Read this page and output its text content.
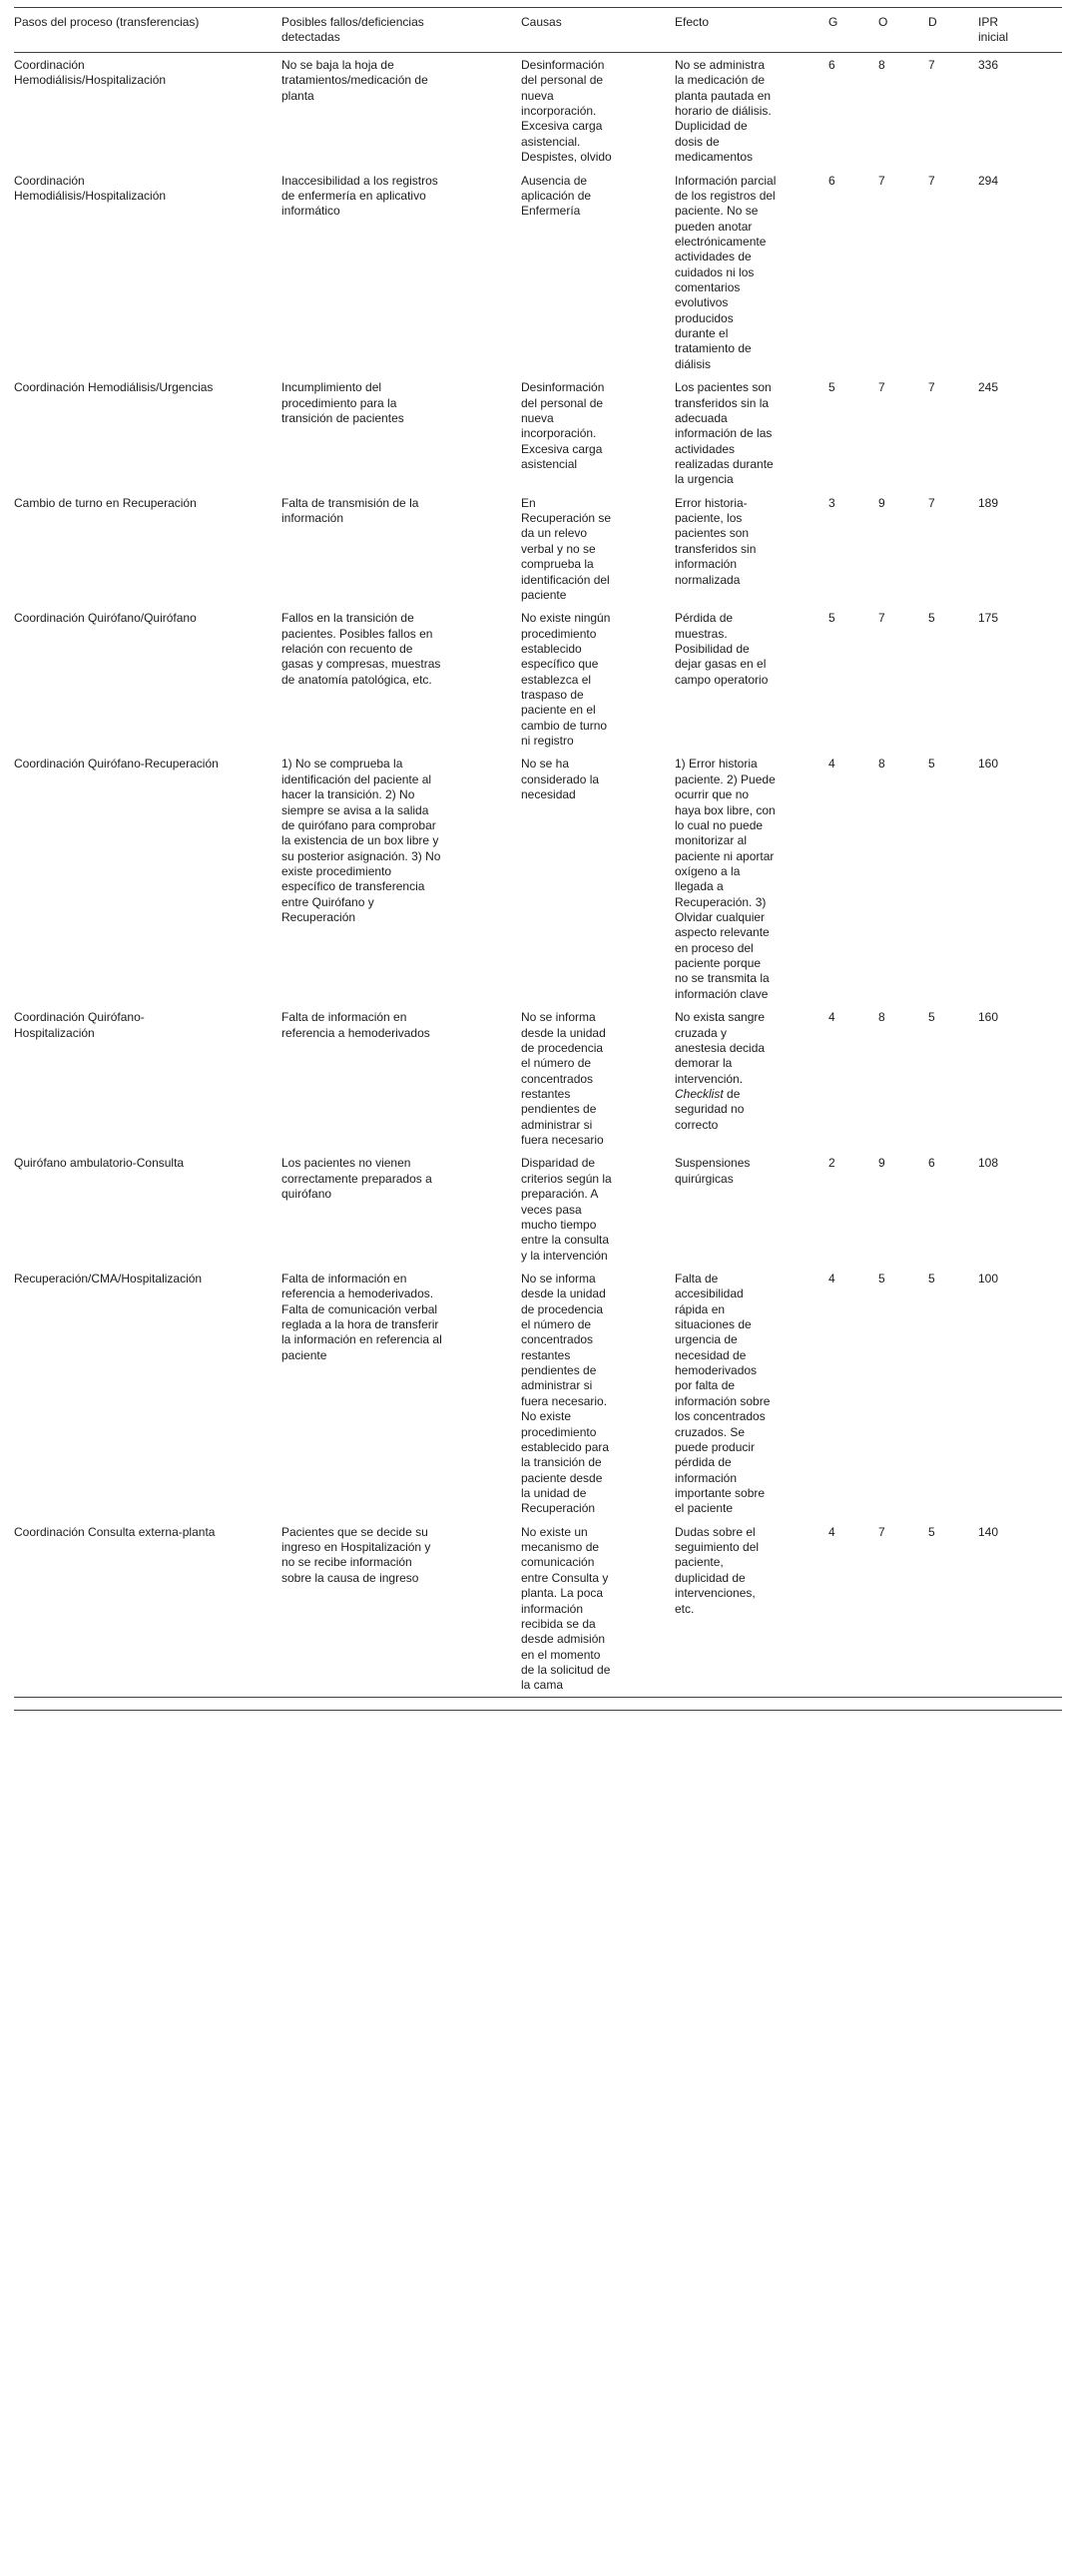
Pasos del proceso (transferencias)	Posibles fallos/deficiencias detectadas	Causas	Efecto	G	O	D	IPR inicial
Coordinación Hemodiálisis/Hospitalización	No se baja la hoja de tratamientos/medicación de planta	Desinformación del personal de nueva incorporación. Excesiva carga asistencial. Despistes, olvido	No se administra la medicación de planta pautada en horario de diálisis. Duplicidad de dosis de medicamentos	6	8	7	336
Coordinación Hemodiálisis/Hospitalización	Inaccesibilidad a los registros de enfermería en aplicativo informático	Ausencia de aplicación de Enfermería	Información parcial de los registros del paciente. No se pueden anotar electrónicamente actividades de cuidados ni los comentarios evolutivos producidos durante el tratamiento de diálisis	6	7	7	294
Coordinación Hemodiálisis/Urgencias	Incumplimiento del procedimiento para la transición de pacientes	Desinformación del personal de nueva incorporación. Excesiva carga asistencial	Los pacientes son transferidos sin la adecuada información de las actividades realizadas durante la urgencia	5	7	7	245
Cambio de turno en Recuperación	Falta de transmisión de la información	En Recuperación se da un relevo verbal y no se comprueba la identificación del paciente	Error historia-paciente, los pacientes son transferidos sin información normalizada	3	9	7	189
Coordinación Quirófano/Quirófano	Fallos en la transición de pacientes. Posibles fallos en relación con recuento de gasas y compresas, muestras de anatomía patológica, etc.	No existe ningún procedimiento establecido específico que establezca el traspaso de paciente en el cambio de turno ni registro	Pérdida de muestras. Posibilidad de dejar gasas en el campo operatorio	5	7	5	175
Coordinación Quirófano-Recuperación	1) No se comprueba la identificación del paciente al hacer la transición. 2) No siempre se avisa a la salida de quirófano para comprobar la existencia de un box libre y su posterior asignación. 3) No existe procedimiento específico de transferencia entre Quirófano y Recuperación	No se ha considerado la necesidad	1) Error historia paciente. 2) Puede ocurrir que no haya box libre, con lo cual no puede monitorizar al paciente ni aportar oxígeno a la llegada a Recuperación. 3) Olvidar cualquier aspecto relevante en proceso del paciente porque no se transmita la información clave	4	8	5	160
Coordinación Quirófano-Hospitalización	Falta de información en referencia a hemoderivados	No se informa desde la unidad de procedencia el número de concentrados restantes pendientes de administrar si fuera necesario	No exista sangre cruzada y anestesia decida demorar la intervención. Checklist de seguridad no correcto	4	8	5	160
Quirófano ambulatorio-Consulta	Los pacientes no vienen correctamente preparados a quirófano	Disparidad de criterios según la preparación. A veces pasa mucho tiempo entre la consulta y la intervención	Suspensiones quirúrgicas	2	9	6	108
Recuperación/CMA/Hospitalización	Falta de información en referencia a hemoderivados. Falta de comunicación verbal reglada a la hora de transferir la información en referencia al paciente	No se informa desde la unidad de procedencia el número de concentrados restantes pendientes de administrar si fuera necesario. No existe procedimiento establecido para la transición de paciente desde la unidad de Recuperación	Falta de accesibilidad rápida en situaciones de urgencia de necesidad de hemoderivados por falta de información sobre los concentrados cruzados. Se puede producir pérdida de información importante sobre el paciente	4	5	5	100
Coordinación Consulta externa-planta	Pacientes que se decide su ingreso en Hospitalización y no se recibe información sobre la causa de ingreso	No existe un mecanismo de comunicación entre Consulta y planta. La poca información recibida se da desde admisión en el momento de la solicitud de la cama	Dudas sobre el seguimiento del paciente, duplicidad de intervenciones, etc.	4	7	5	140
